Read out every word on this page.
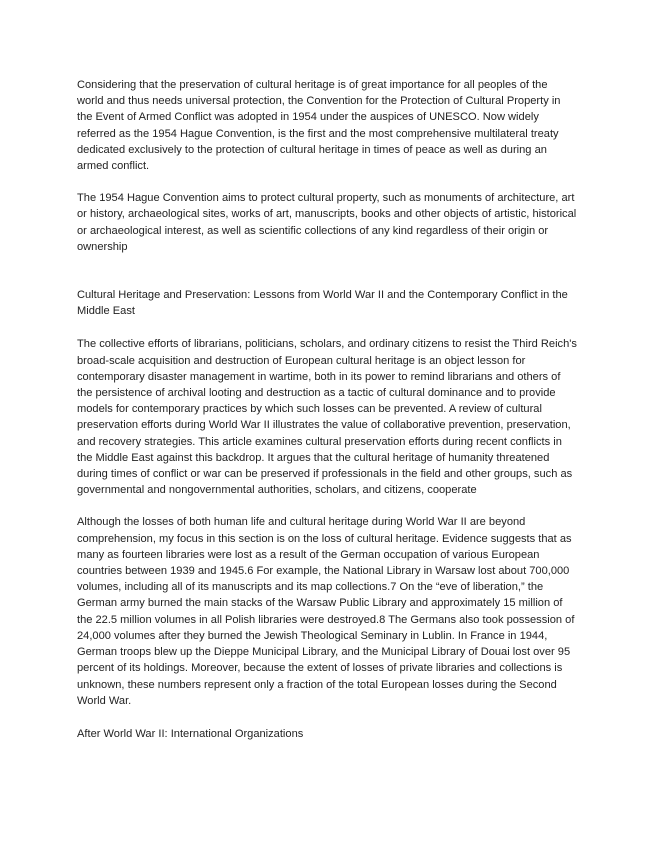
Considering that the preservation of cultural heritage is of great importance for all peoples of the world and thus needs universal protection, the Convention for the Protection of Cultural Property in the Event of Armed Conflict was adopted in 1954 under the auspices of UNESCO. Now widely referred as the 1954 Hague Convention, is the first and the most comprehensive multilateral treaty dedicated exclusively to the protection of cultural heritage in times of peace as well as during an armed conflict.

The 1954 Hague Convention aims to protect cultural property, such as monuments of architecture, art or history, archaeological sites, works of art, manuscripts, books and other objects of artistic, historical or archaeological interest, as well as scientific collections of any kind regardless of their origin or ownership

Cultural Heritage and Preservation: Lessons from World War II and the Contemporary Conflict in the Middle East

The collective efforts of librarians, politicians, scholars, and ordinary citizens to resist the Third Reich's broad-scale acquisition and destruction of European cultural heritage is an object lesson for contemporary disaster management in wartime, both in its power to remind librarians and others of the persistence of archival looting and destruction as a tactic of cultural dominance and to provide models for contemporary practices by which such losses can be prevented. A review of cultural preservation efforts during World War II illustrates the value of collaborative prevention, preservation, and recovery strategies. This article examines cultural preservation efforts during recent conflicts in the Middle East against this backdrop. It argues that the cultural heritage of humanity threatened during times of conflict or war can be preserved if professionals in the field and other groups, such as governmental and nongovernmental authorities, scholars, and citizens, cooperate

Although the losses of both human life and cultural heritage during World War II are beyond comprehension, my focus in this section is on the loss of cultural heritage. Evidence suggests that as many as fourteen libraries were lost as a result of the German occupation of various European countries between 1939 and 1945.6 For example, the National Library in Warsaw lost about 700,000 volumes, including all of its manuscripts and its map collections.7 On the “eve of liberation,” the German army burned the main stacks of the Warsaw Public Library and approximately 15 million of the 22.5 million volumes in all Polish libraries were destroyed.8 The Germans also took possession of 24,000 volumes after they burned the Jewish Theological Seminary in Lublin. In France in 1944, German troops blew up the Dieppe Municipal Library, and the Municipal Library of Douai lost over 95 percent of its holdings. Moreover, because the extent of losses of private libraries and collections is unknown, these numbers represent only a fraction of the total European losses during the Second World War.

After World War II: International Organizations
